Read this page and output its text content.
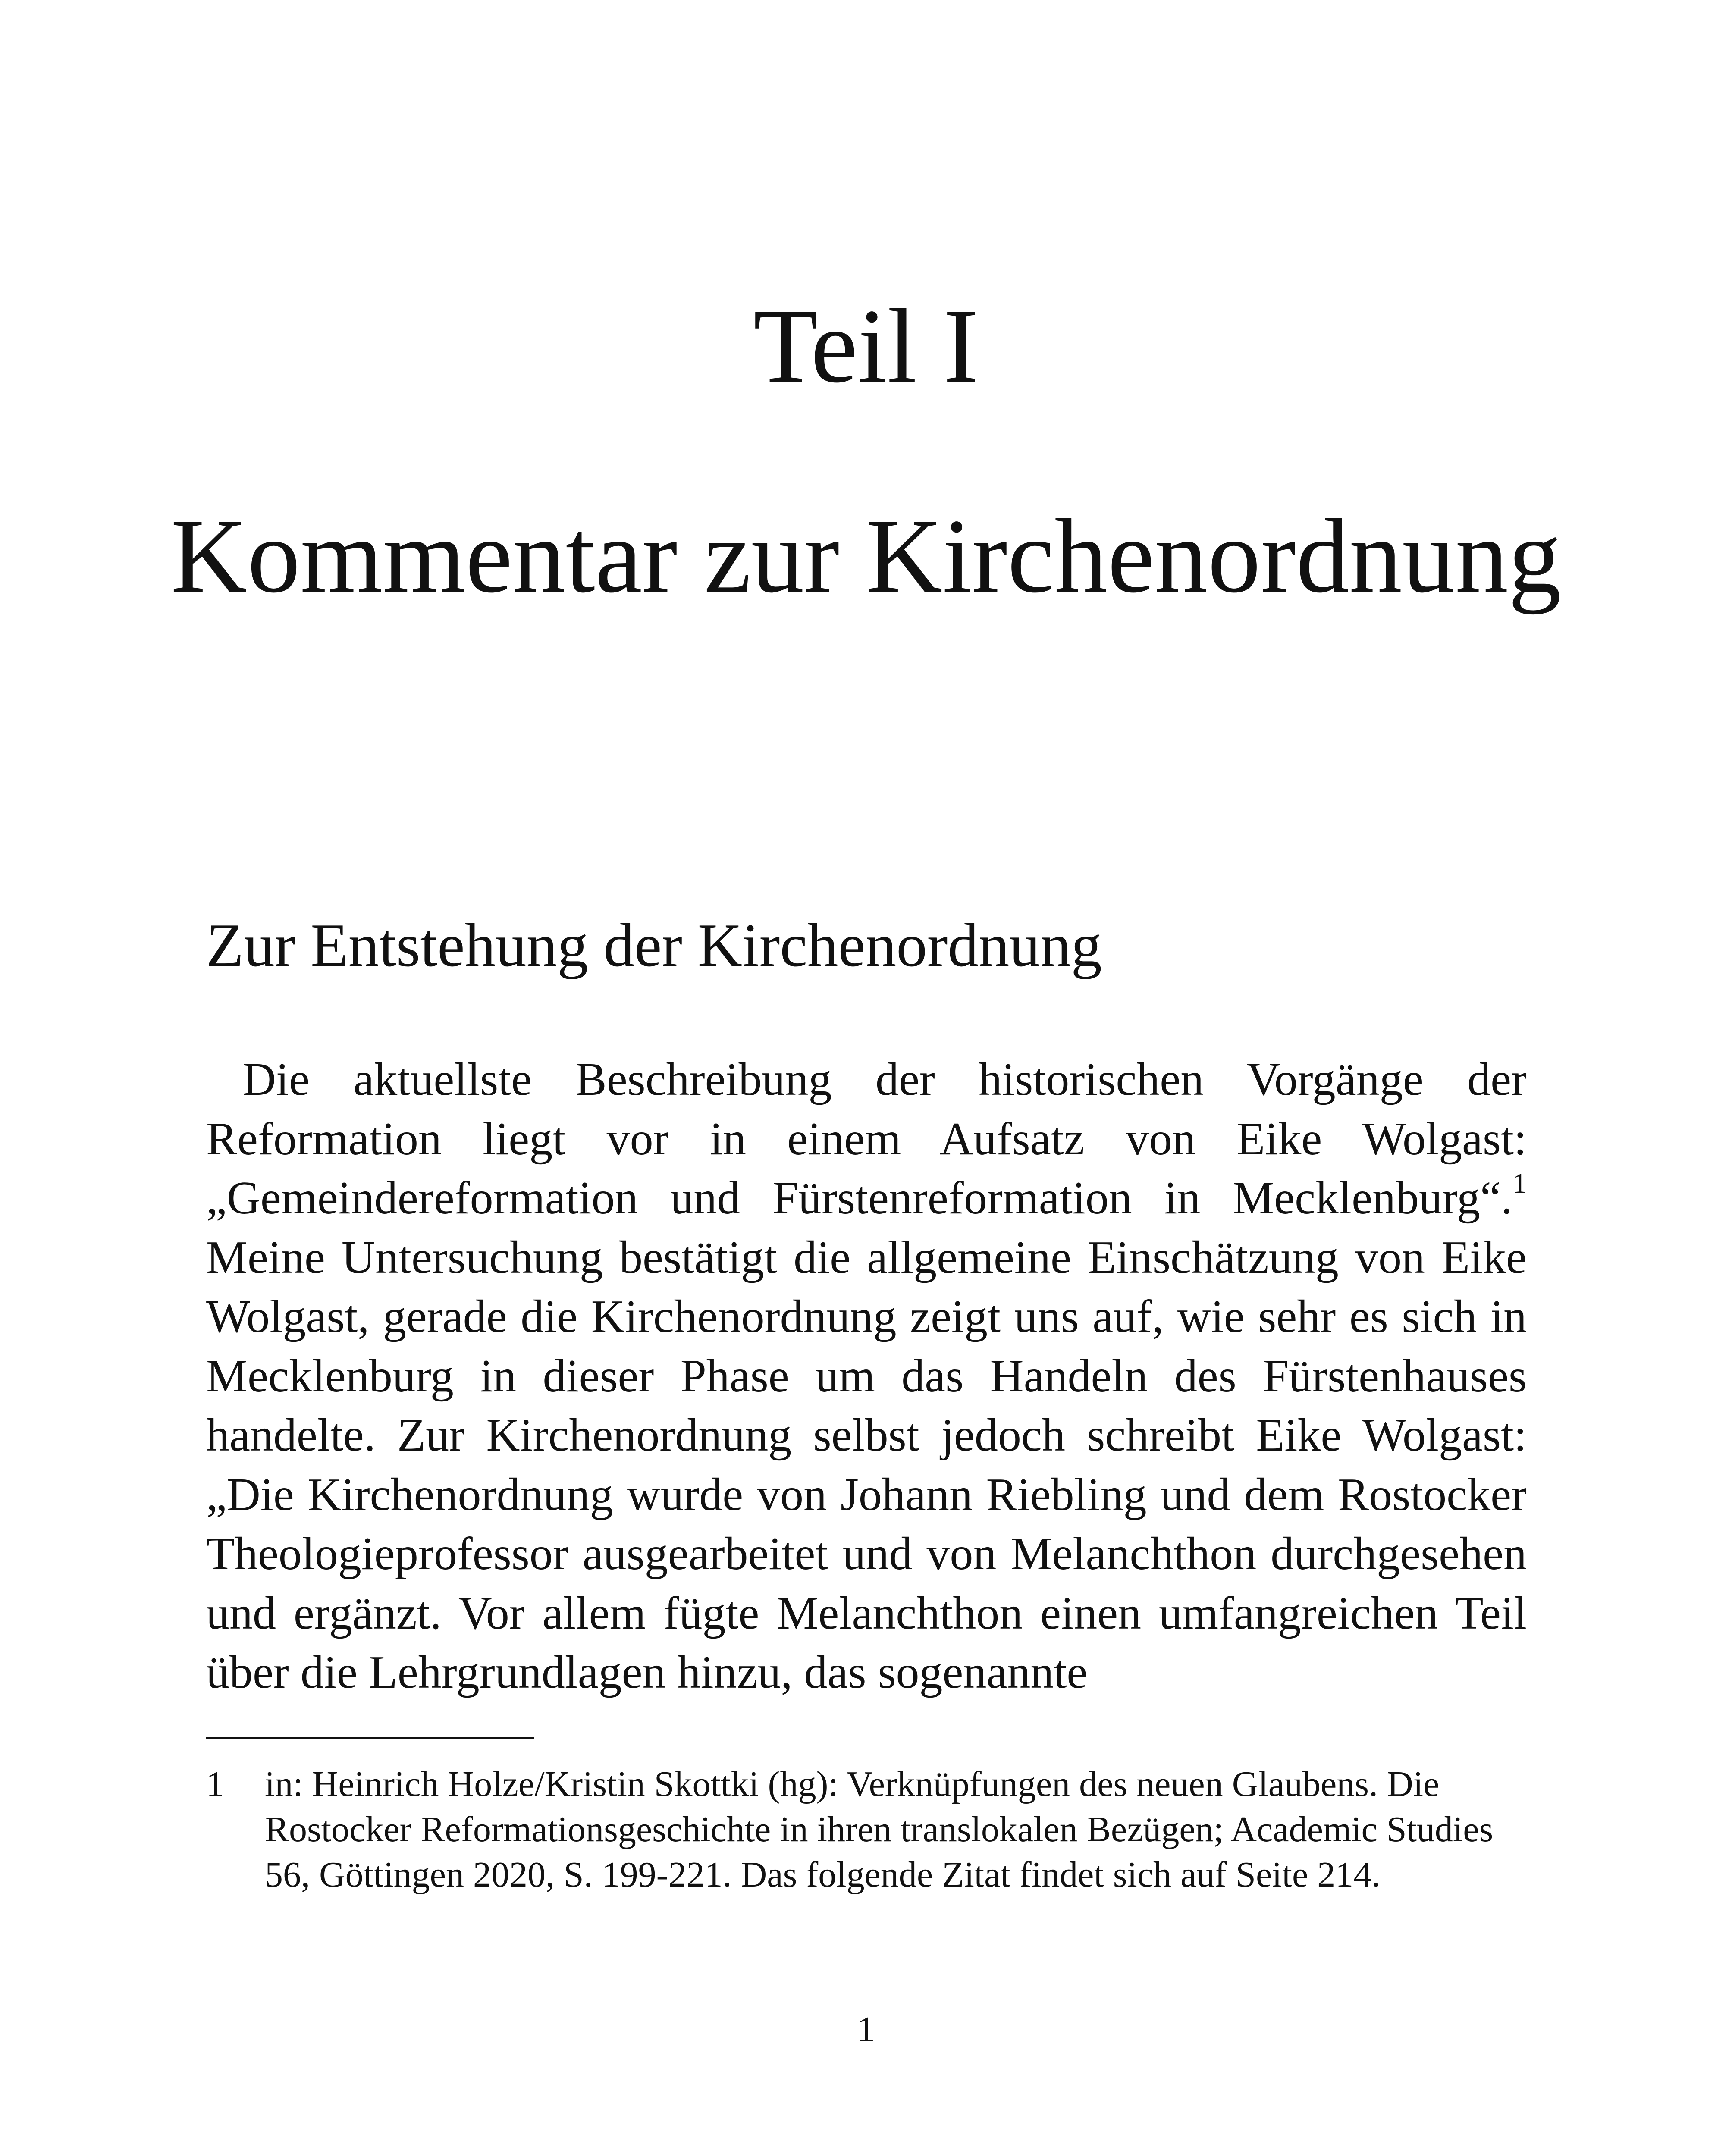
Teil I
Kommentar zur Kirchenordnung
Zur Entstehung der Kirchenordnung

Die aktuellste Beschreibung der historischen Vorgänge der Reformation liegt vor in einem Aufsatz von Eike Wolgast: „Gemeindereformation und Fürstenreformation in Mecklenburg“.$^1$ Meine Untersuchung bestätigt die allgemeine Einschätzung von Eike Wolgast, gerade die Kirchenordnung zeigt uns auf, wie sehr es sich in Mecklenburg in dieser Phase um das Handeln des Fürstenhauses handelte. Zur Kirchenordnung selbst jedoch schreibt Eike Wolgast: „Die Kirchenordnung wurde von Johann Riebling und dem Rostocker Theologieprofessor ausgearbeitet und von Melanchthon durchgesehen und ergänzt. Vor allem fügte Melanchthon einen umfangreichen Teil über die Lehrgrundlagen hinzu, das sogenannte

1 in: Heinrich Holze/Kristin Skottki (hg): Verknüpfungen des neuen Glaubens. Die Rostocker Reformationsgeschichte in ihren translokalen Bezügen; Academic Studies 56, Göttingen 2020, S. 199-221. Das folgende Zitat findet sich auf Seite 214.
1
